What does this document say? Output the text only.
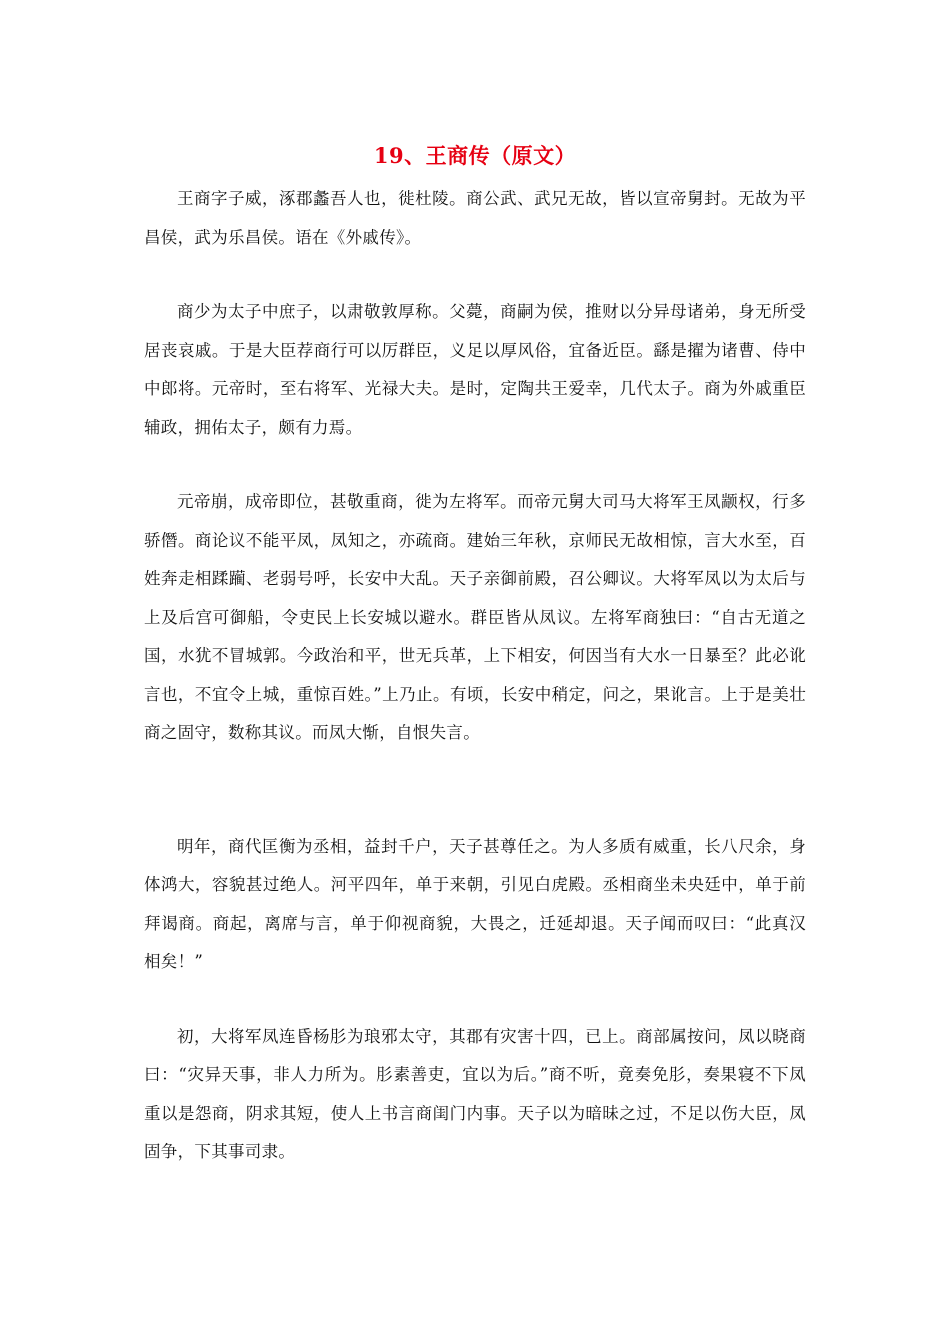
19、王商传（原文）

王商字子威，涿郡蠡吾人也，徙杜陵。商公武、武兄无故，皆以宣帝舅封。无故为平昌侯，武为乐昌侯。语在《外戚传》。

商少为太子中庶子，以肃敬敦厚称。父薨，商嗣为侯，推财以分异母诸弟，身无所受居丧哀戚。于是大臣荐商行可以厉群臣，义足以厚风俗，宜备近臣。繇是擢为诸曹、侍中中郎将。元帝时，至右将军、光禄大夫。是时，定陶共王爱幸，几代太子。商为外戚重臣辅政，拥佑太子，颇有力焉。

元帝崩，成帝即位，甚敬重商，徙为左将军。而帝元舅大司马大将军王凤颛权，行多骄僭。商论议不能平凤，凤知之，亦疏商。建始三年秋，京师民无故相惊，言大水至，百姓奔走相蹂躏、老弱号呼，长安中大乱。天子亲御前殿，召公卿议。大将军凤以为太后与上及后宫可御船，令吏民上长安城以避水。群臣皆从凤议。左将军商独曰：“自古无道之国，水犹不冒城郭。今政治和平，世无兵革，上下相安，何因当有大水一日暴至？此必讹言也，不宜令上城，重惊百姓。”上乃止。有顷，长安中稍定，问之，果讹言。上于是美壮商之固守，数称其议。而凤大惭，自恨失言。

明年，商代匡衡为丞相，益封千户，天子甚尊任之。为人多质有威重，长八尺余，身体鸿大，容貌甚过绝人。河平四年，单于来朝，引见白虎殿。丞相商坐未央廷中，单于前拜谒商。商起，离席与言，单于仰视商貌，大畏之，迁延却退。天子闻而叹曰：“此真汉相矣！”

初，大将军凤连昏杨肜为琅邪太守，其郡有灾害十四，已上。商部属按问，凤以晓商曰：“灾异天事，非人力所为。肜素善吏，宜以为后。”商不听，竟奏免肜，奏果寝不下凤重以是怨商，阴求其短，使人上书言商闺门内事。天子以为暗昧之过，不足以伤大臣，凤固争，下其事司隶。
